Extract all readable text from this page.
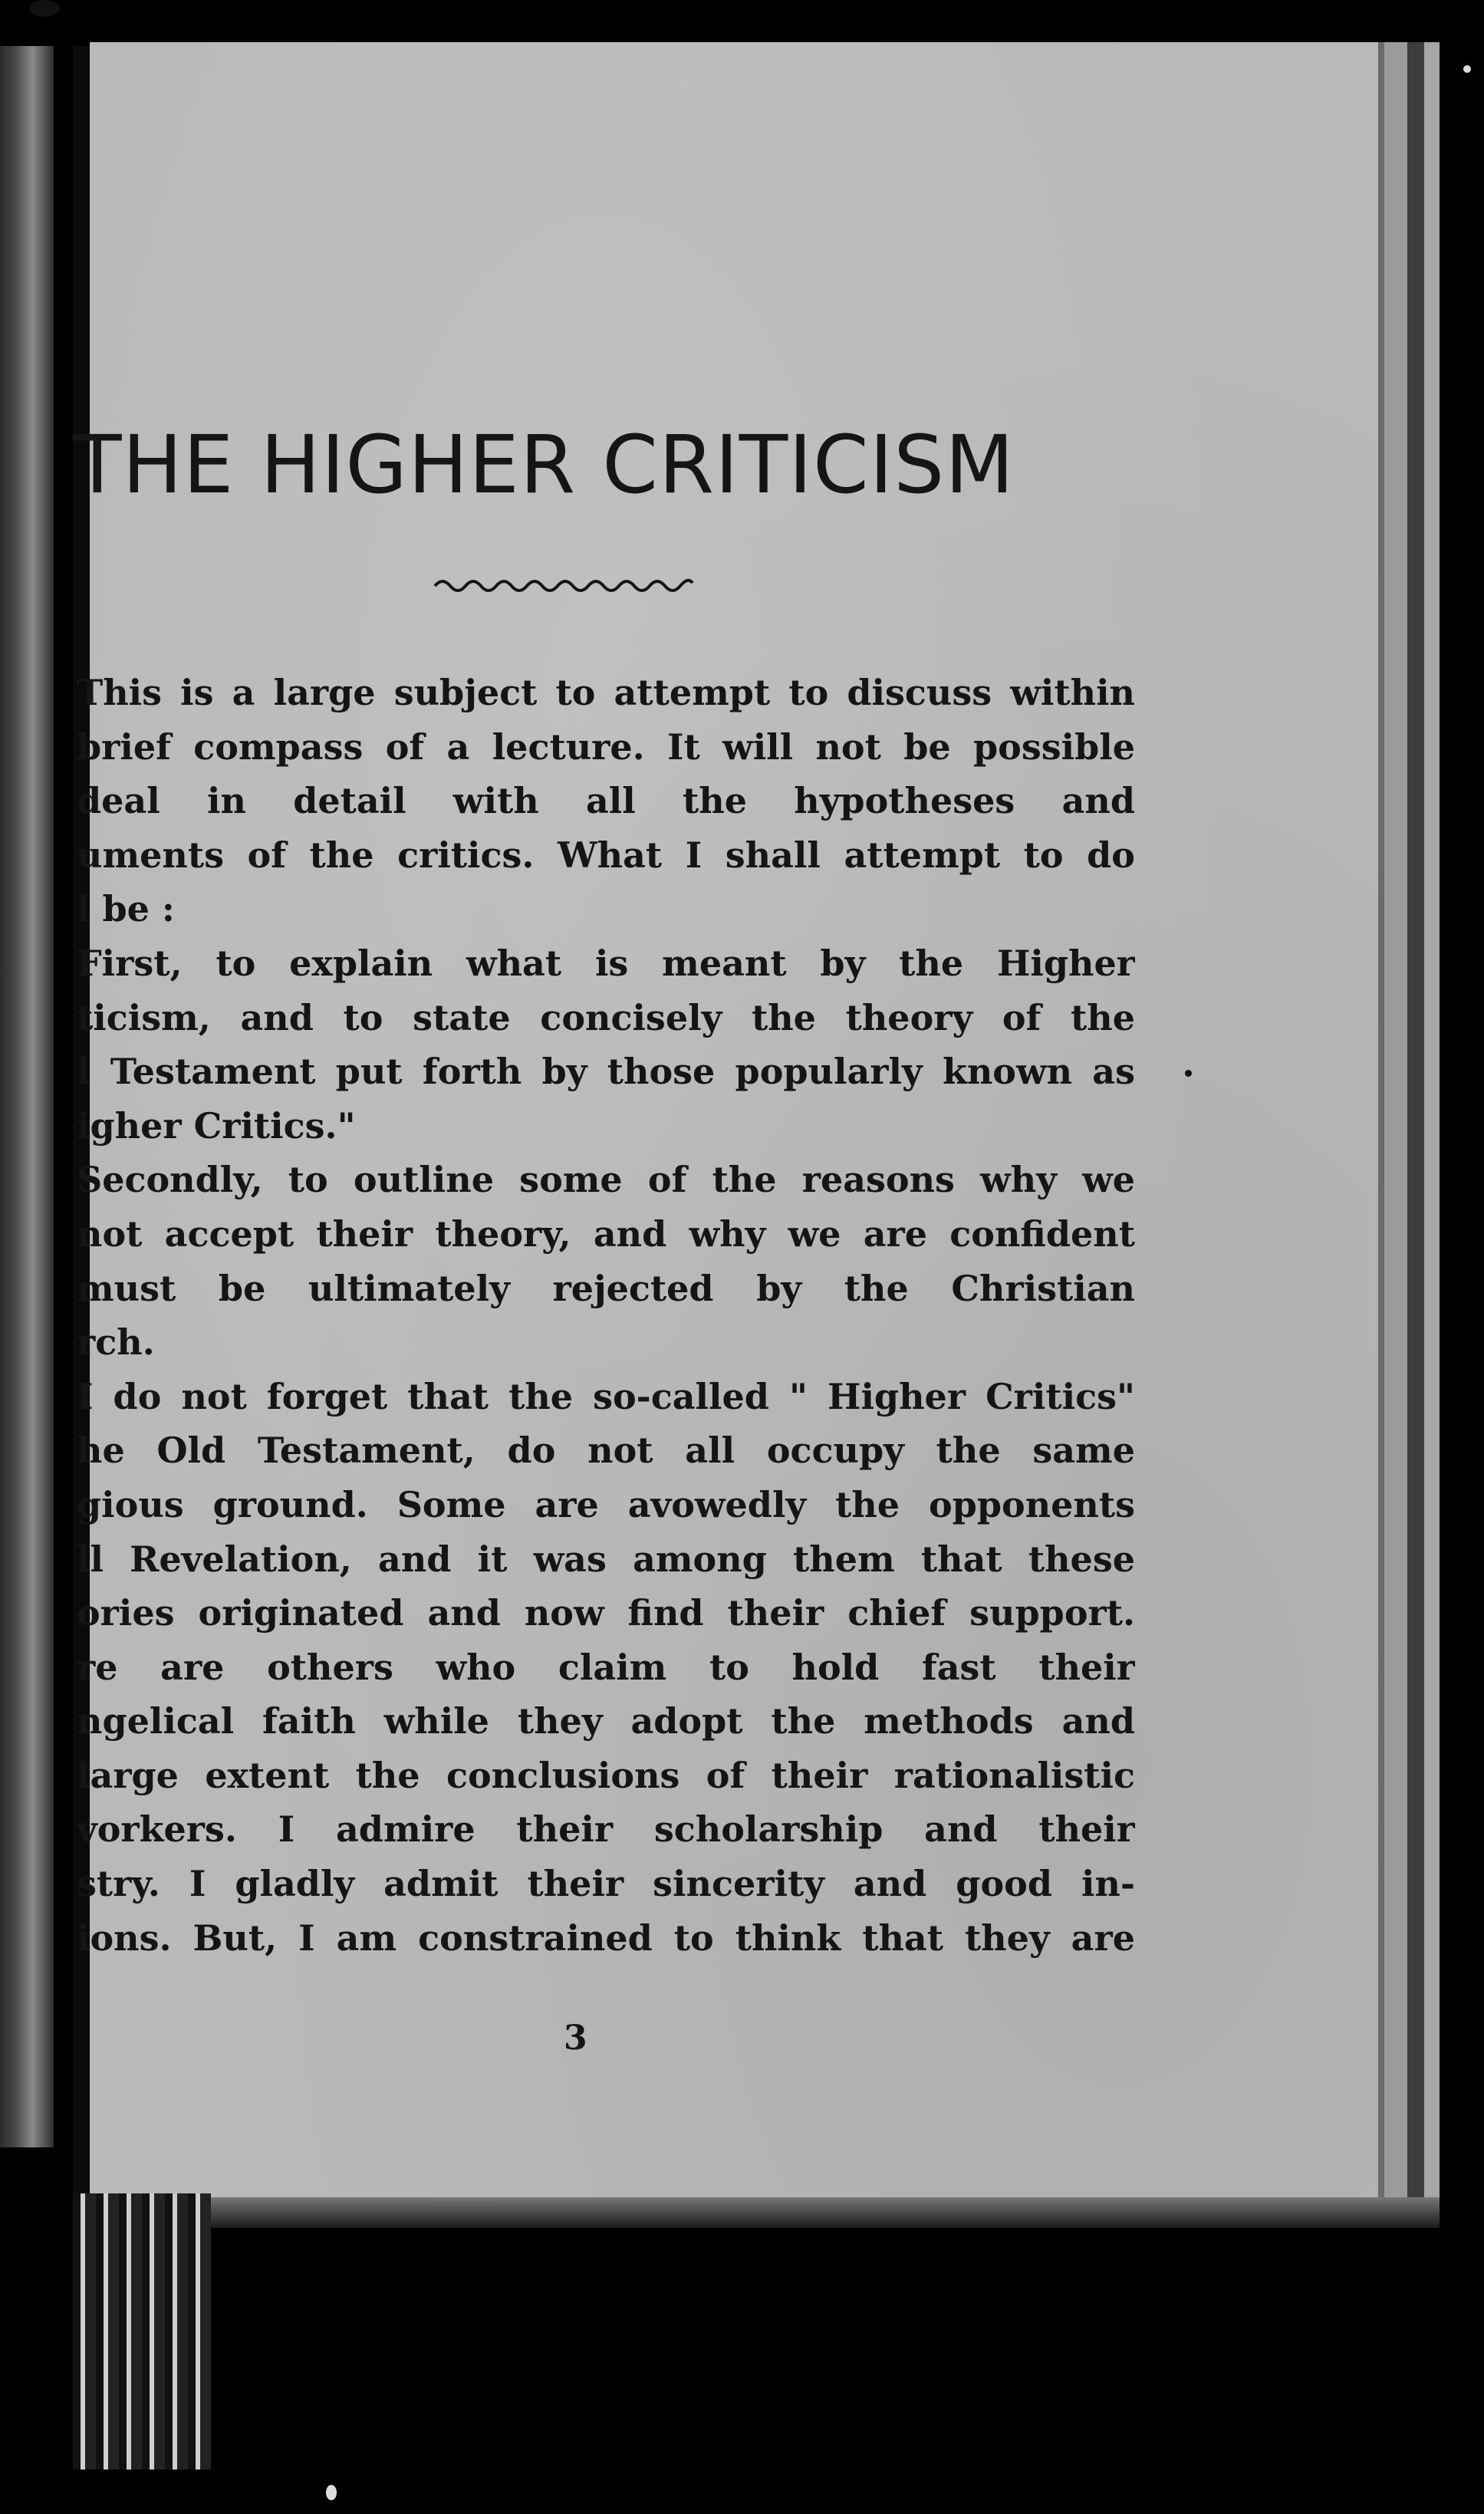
THE HIGHER CRITICISM
This is a large subject to attempt to discuss within
brief compass of a lecture. It will not be possible
deal in detail with all the hypotheses and
uments of the critics. What I shall attempt to do
l be :
First, to explain what is meant by the Higher
ticism, and to state concisely the theory of the
l Testament put forth by those popularly known as
igher Critics."
Secondly, to outline some of the reasons why we
not accept their theory, and why we are confident
must be ultimately rejected by the Christian
rch.
I do not forget that the so-called " Higher Critics"
he Old Testament, do not all occupy the same
gious ground. Some are avowedly the opponents
ll Revelation, and it was among them that these
ories originated and now find their chief support.
re are others who claim to hold fast their
ngelical faith while they adopt the methods and
large extent the conclusions of their rationalistic
vorkers. I admire their scholarship and their
stry. I gladly admit their sincerity and good in-
ions. But, I am constrained to think that they are
3
